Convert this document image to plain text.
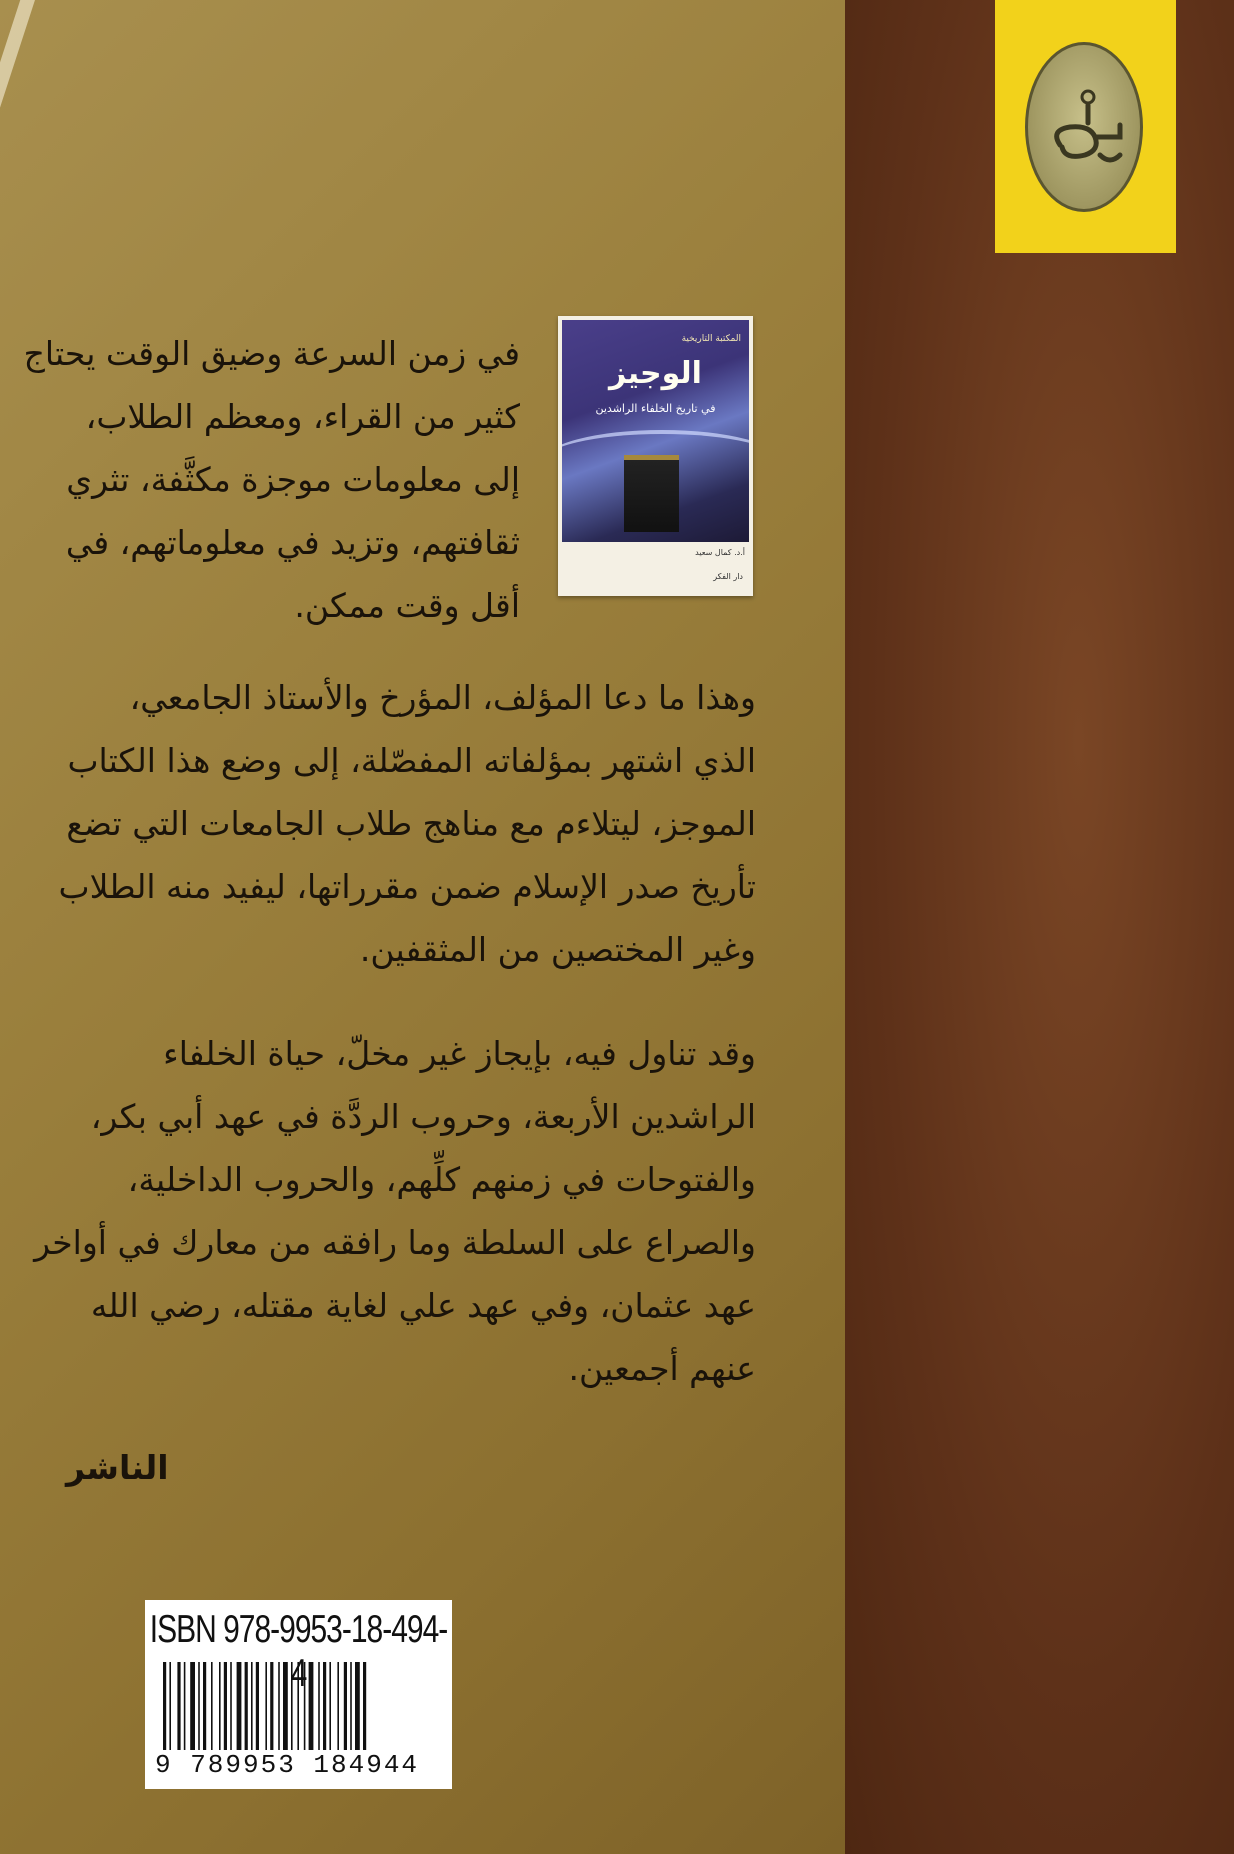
المكتبة التاريخية
الوجيز
في تاريخ الخلفاء الراشدين
أ.د. كمال سعيد
دار الفكر
في زمن السرعة وضيق الوقت يحتاج
كثير من القراء، ومعظم الطلاب،
إلى معلومات موجزة مكثَّفة، تثري
ثقافتهم، وتزيد في معلوماتهم، في
أقل وقت ممكن.
وهذا ما دعا المؤلف، المؤرخ والأستاذ الجامعي،
الذي اشتهر بمؤلفاته المفصّلة، إلى وضع هذا الكتاب
الموجز، ليتلاءم مع مناهج طلاب الجامعات التي تضع
تأريخ صدر الإسلام ضمن مقرراتها، ليفيد منه الطلاب
وغير المختصين من المثقفين.
وقد تناول فيه، بإيجاز غير مخلّ، حياة الخلفاء
الراشدين الأربعة، وحروب الردَّة في عهد أبي بكر،
والفتوحات في زمنهم كلِّهم، والحروب الداخلية،
والصراع على السلطة وما رافقه من معارك في أواخر
عهد عثمان، وفي عهد علي لغاية مقتله، رضي الله
عنهم أجمعين.
الناشر
ISBN 978-9953-18-494-4
9 789953 184944
